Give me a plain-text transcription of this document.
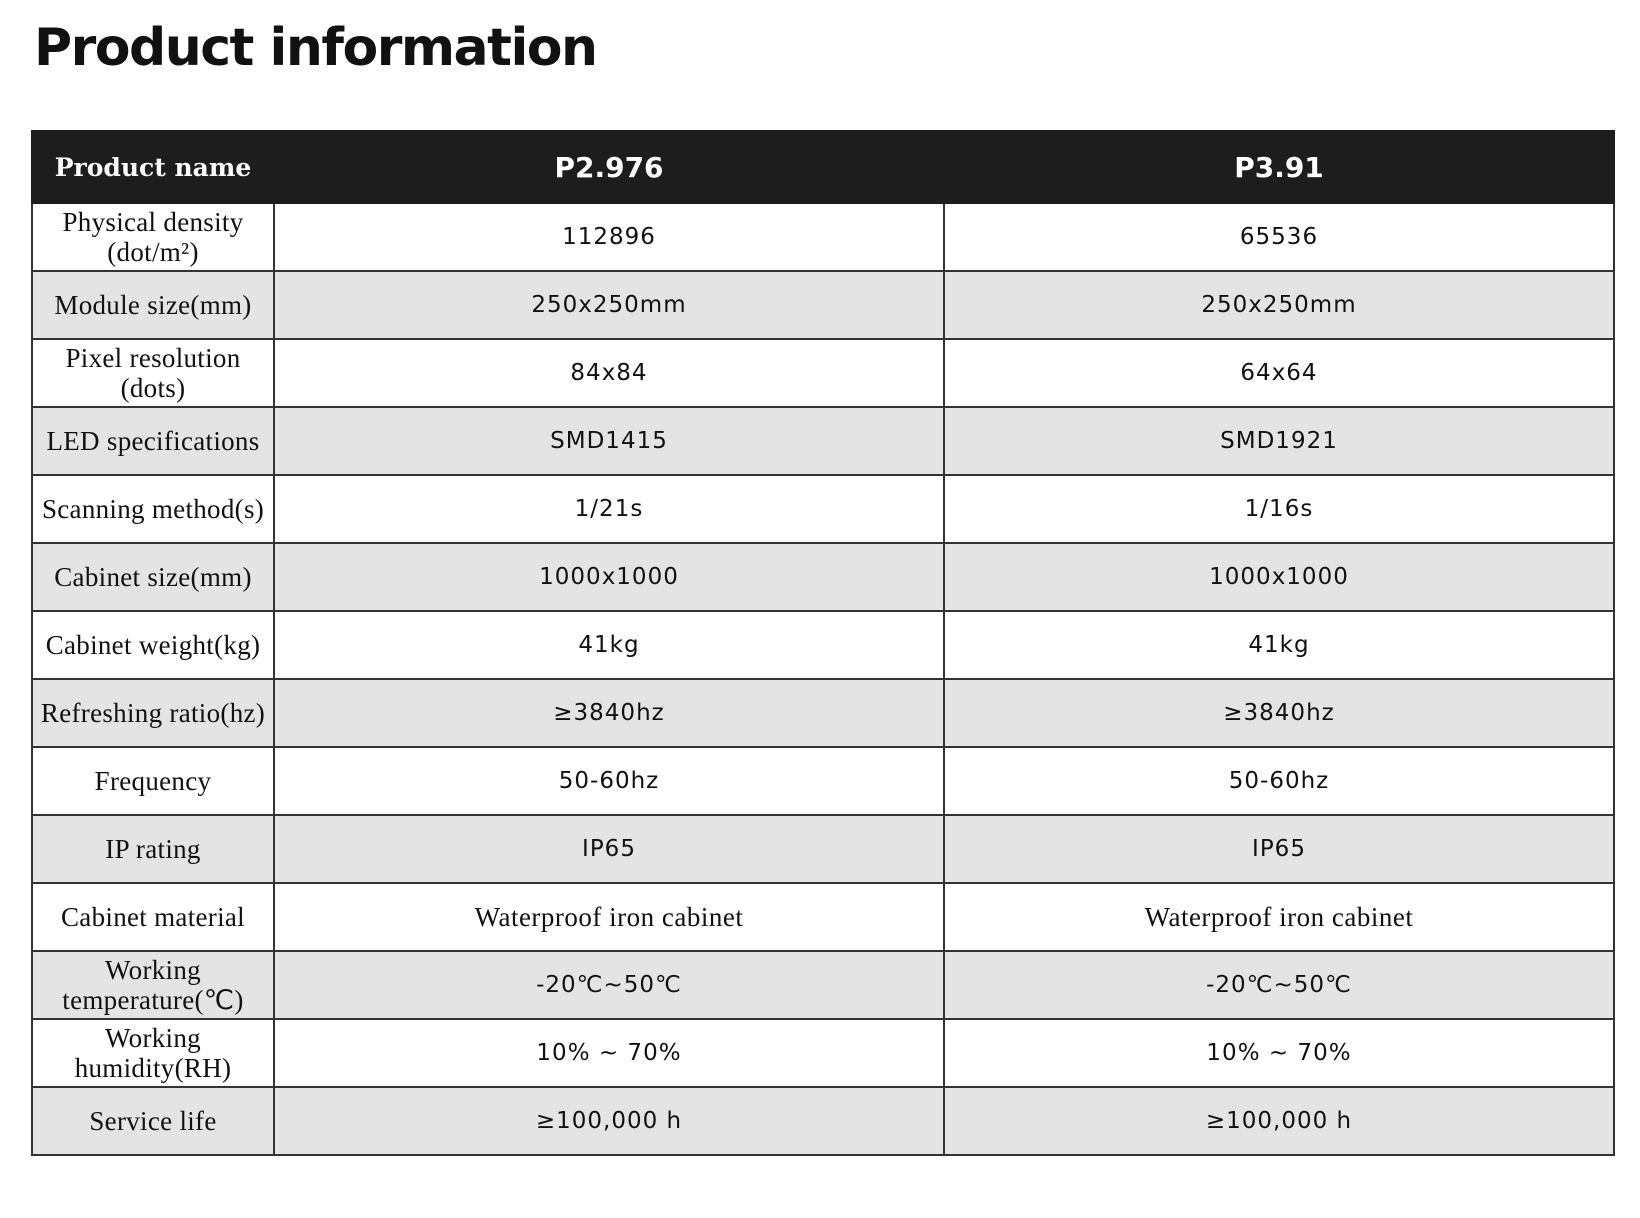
Product information
Product name	P2.976	P3.91
Physical density (dot/m²)	112896	65536
Module size(mm)	250x250mm	250x250mm
Pixel resolution (dots)	84x84	64x64
LED specifications	SMD1415	SMD1921
Scanning method(s)	1/21s	1/16s
Cabinet size(mm)	1000x1000	1000x1000
Cabinet weight(kg)	41kg	41kg
Refreshing ratio(hz)	≥3840hz	≥3840hz
Frequency	50-60hz	50-60hz
IP rating	IP65	IP65
Cabinet material	Waterproof iron cabinet	Waterproof iron cabinet
Working temperature(℃)	-20℃~50℃	-20℃~50℃
Working humidity(RH)	10% ~ 70%	10% ~ 70%
Service life	≥100,000 h	≥100,000 h
